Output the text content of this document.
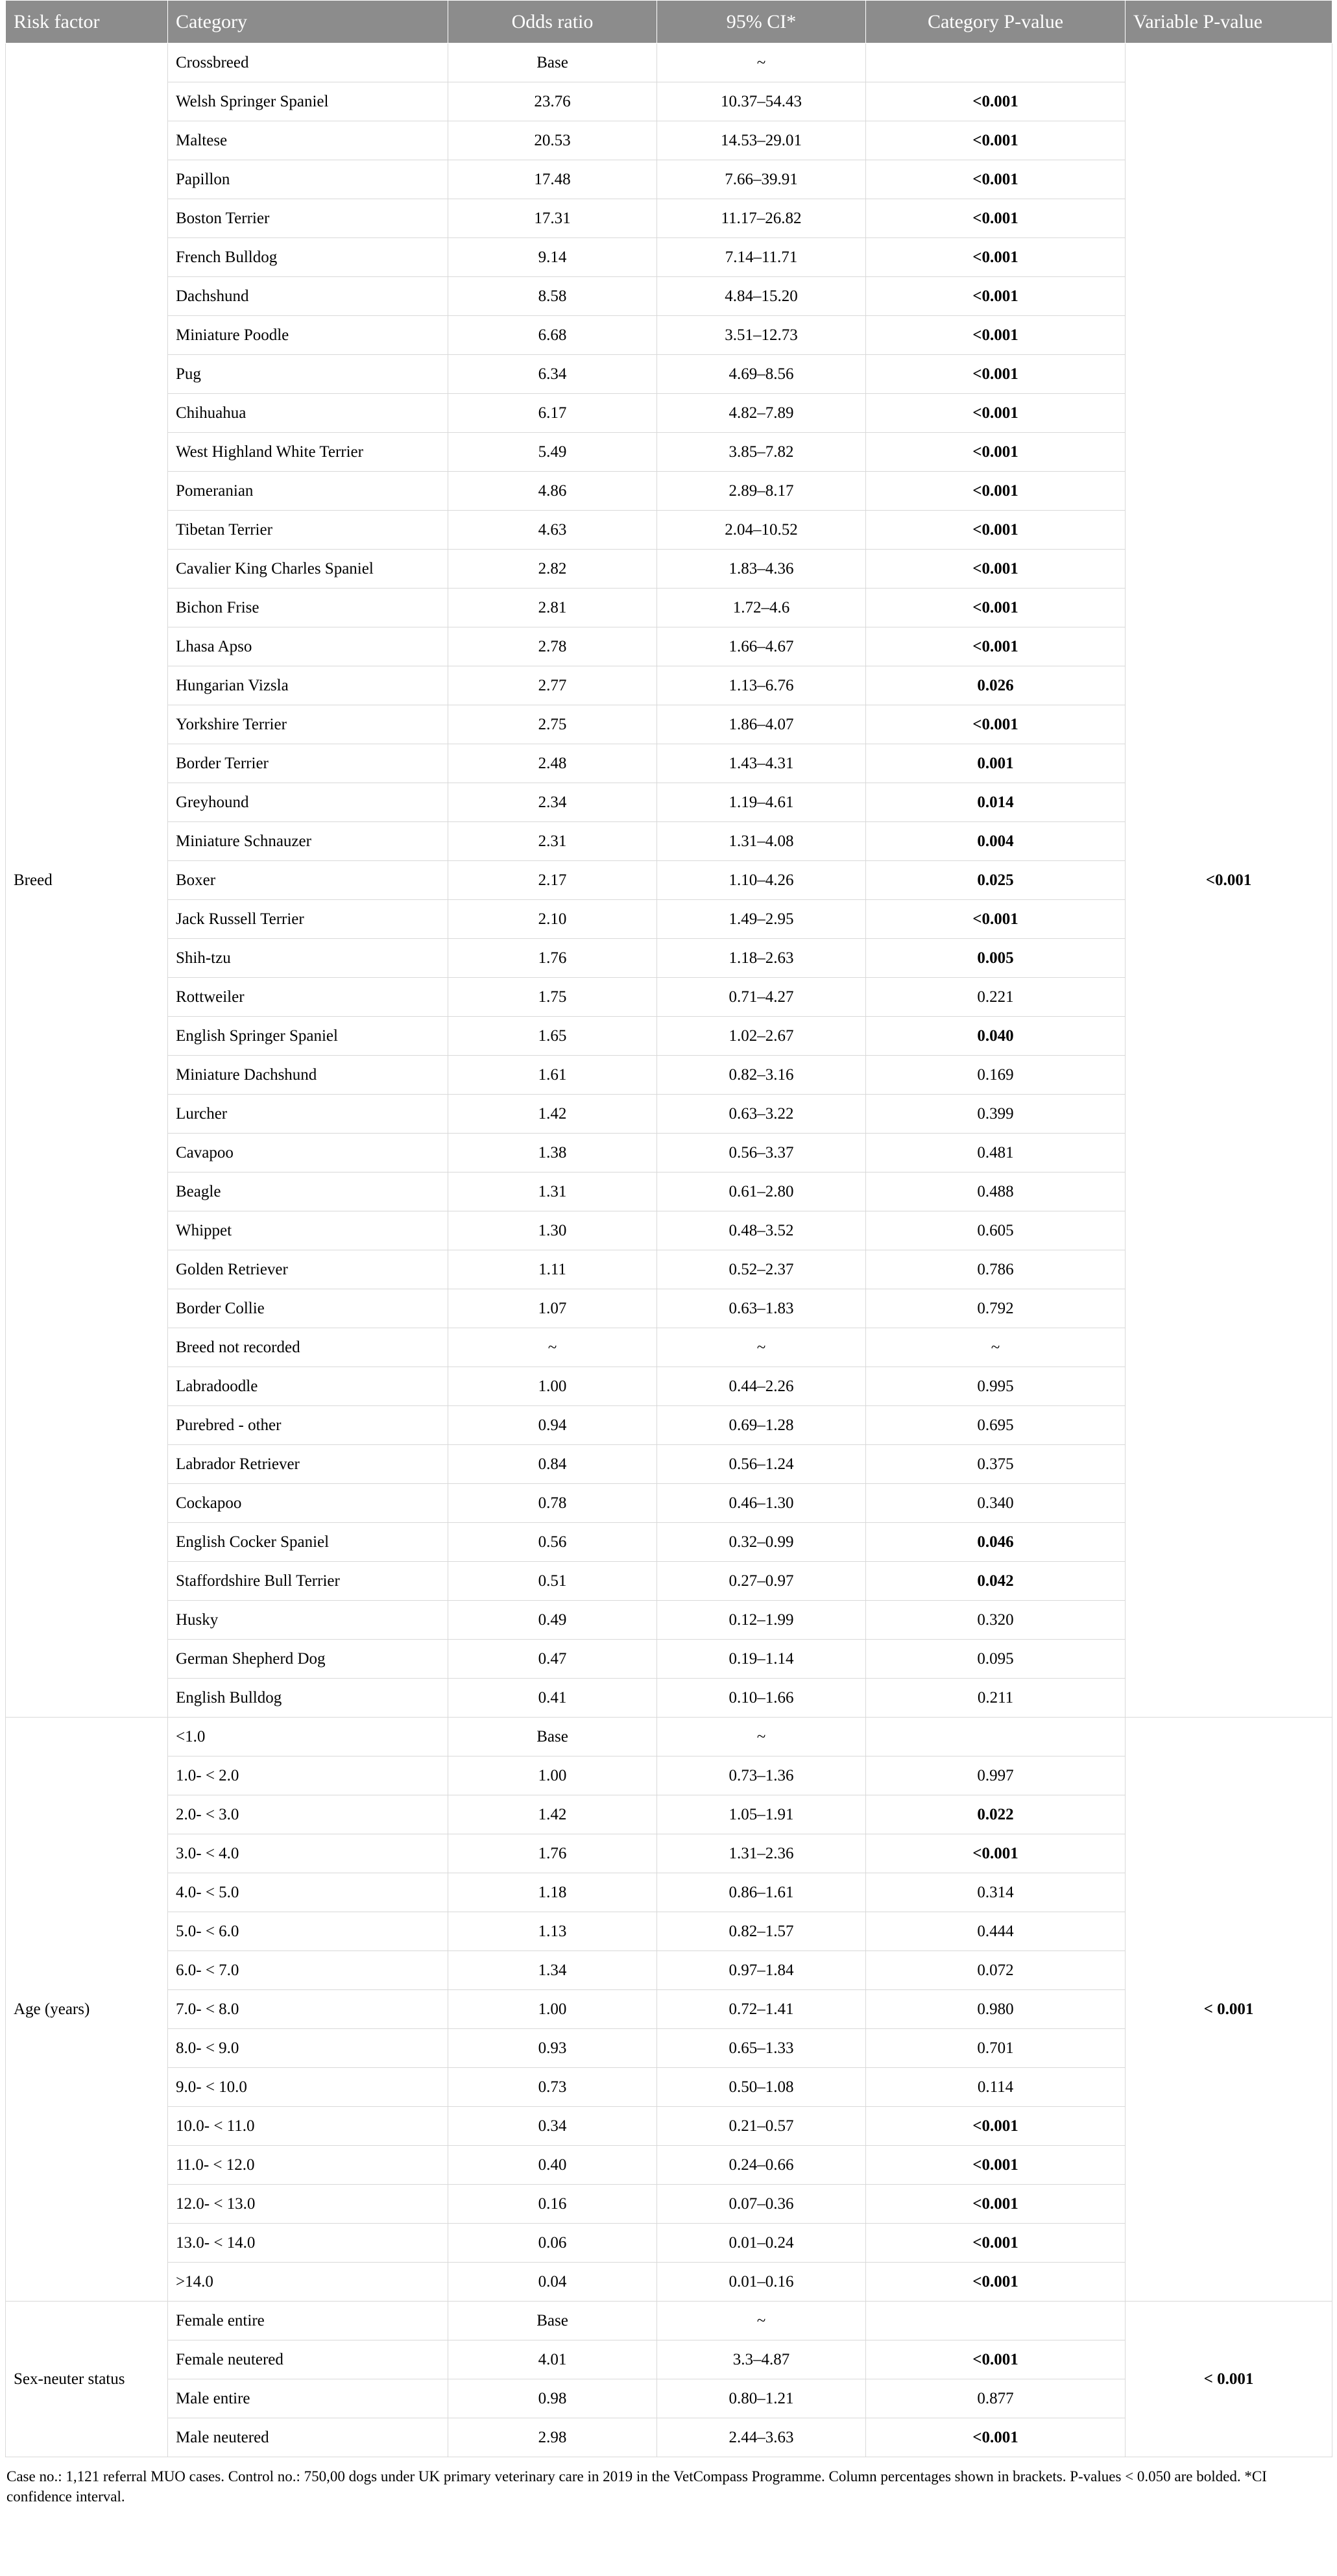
Risk factor	Category	Odds ratio	95% CI*	Category P-value	Variable P-value
Breed	Crossbreed	Base	~		<0.001
	Welsh Springer Spaniel	23.76	10.37–54.43	<0.001	
	Maltese	20.53	14.53–29.01	<0.001	
	Papillon	17.48	7.66–39.91	<0.001	
	Boston Terrier	17.31	11.17–26.82	<0.001	
	French Bulldog	9.14	7.14–11.71	<0.001	
	Dachshund	8.58	4.84–15.20	<0.001	
	Miniature Poodle	6.68	3.51–12.73	<0.001	
	Pug	6.34	4.69–8.56	<0.001	
	Chihuahua	6.17	4.82–7.89	<0.001	
	West Highland White Terrier	5.49	3.85–7.82	<0.001	
	Pomeranian	4.86	2.89–8.17	<0.001	
	Tibetan Terrier	4.63	2.04–10.52	<0.001	
	Cavalier King Charles Spaniel	2.82	1.83–4.36	<0.001	
	Bichon Frise	2.81	1.72–4.6	<0.001	
	Lhasa Apso	2.78	1.66–4.67	<0.001	
	Hungarian Vizsla	2.77	1.13–6.76	0.026	
	Yorkshire Terrier	2.75	1.86–4.07	<0.001	
	Border Terrier	2.48	1.43–4.31	0.001	
	Greyhound	2.34	1.19–4.61	0.014	
	Miniature Schnauzer	2.31	1.31–4.08	0.004	
	Boxer	2.17	1.10–4.26	0.025	
	Jack Russell Terrier	2.10	1.49–2.95	<0.001	
	Shih-tzu	1.76	1.18–2.63	0.005	
	Rottweiler	1.75	0.71–4.27	0.221	
	English Springer Spaniel	1.65	1.02–2.67	0.040	
	Miniature Dachshund	1.61	0.82–3.16	0.169	
	Lurcher	1.42	0.63–3.22	0.399	
	Cavapoo	1.38	0.56–3.37	0.481	
	Beagle	1.31	0.61–2.80	0.488	
	Whippet	1.30	0.48–3.52	0.605	
	Golden Retriever	1.11	0.52–2.37	0.786	
	Border Collie	1.07	0.63–1.83	0.792	
	Breed not recorded	~	~	~	
	Labradoodle	1.00	0.44–2.26	0.995	
	Purebred - other	0.94	0.69–1.28	0.695	
	Labrador Retriever	0.84	0.56–1.24	0.375	
	Cockapoo	0.78	0.46–1.30	0.340	
	English Cocker Spaniel	0.56	0.32–0.99	0.046	
	Staffordshire Bull Terrier	0.51	0.27–0.97	0.042	
	Husky	0.49	0.12–1.99	0.320	
	German Shepherd Dog	0.47	0.19–1.14	0.095	
	English Bulldog	0.41	0.10–1.66	0.211	
Age (years)	<1.0	Base	~		< 0.001
	1.0- < 2.0	1.00	0.73–1.36	0.997	
	2.0- < 3.0	1.42	1.05–1.91	0.022	
	3.0- < 4.0	1.76	1.31–2.36	<0.001	
	4.0- < 5.0	1.18	0.86–1.61	0.314	
	5.0- < 6.0	1.13	0.82–1.57	0.444	
	6.0- < 7.0	1.34	0.97–1.84	0.072	
	7.0- < 8.0	1.00	0.72–1.41	0.980	
	8.0- < 9.0	0.93	0.65–1.33	0.701	
	9.0- < 10.0	0.73	0.50–1.08	0.114	
	10.0- < 11.0	0.34	0.21–0.57	<0.001	
	11.0- < 12.0	0.40	0.24–0.66	<0.001	
	12.0- < 13.0	0.16	0.07–0.36	<0.001	
	13.0- < 14.0	0.06	0.01–0.24	<0.001	
	>14.0	0.04	0.01–0.16	<0.001	
Sex-neuter status	Female entire	Base	~		< 0.001
	Female neutered	4.01	3.3–4.87	<0.001	
	Male entire	0.98	0.80–1.21	0.877	
	Male neutered	2.98	2.44–3.63	<0.001	
Case no.: 1,121 referral MUO cases. Control no.: 750,00 dogs under UK primary veterinary care in 2019 in the VetCompass Programme. Column percentages shown in brackets. P-values < 0.050 are bolded. *CI confidence interval.
